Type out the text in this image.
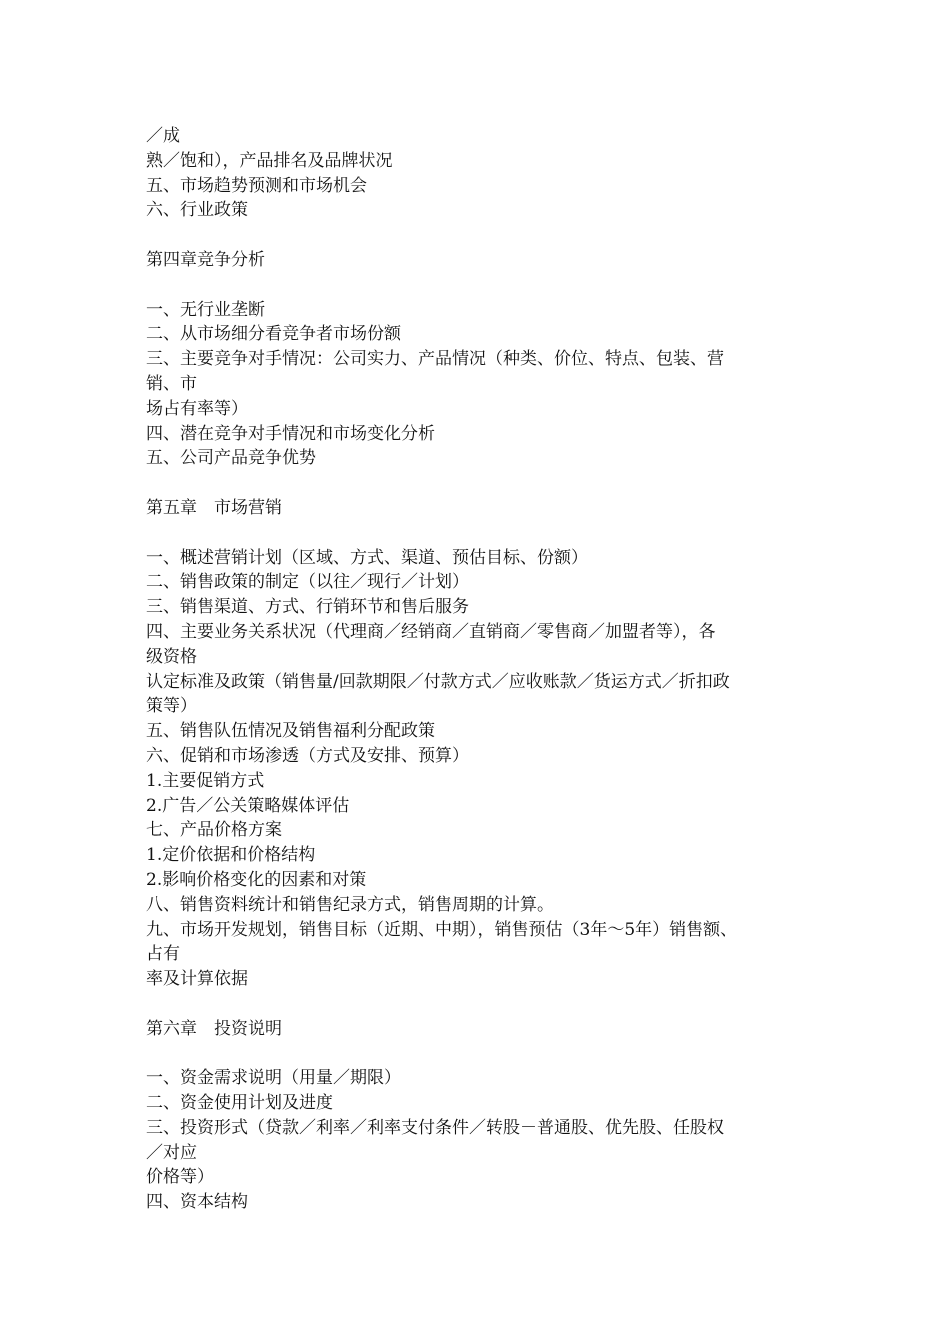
／成
熟／饱和），产品排名及品牌状况
五、市场趋势预测和市场机会
六、行业政策
第四章竞争分析
一、无行业垄断
二、从市场细分看竞争者市场份额
三、主要竞争对手情况：公司实力、产品情况（种类、价位、特点、包装、营
销、市
场占有率等）
四、潜在竞争对手情况和市场变化分析
五、公司产品竞争优势
第五章　市场营销
一、概述营销计划（区域、方式、渠道、预估目标、份额）
二、销售政策的制定（以往／现行／计划）
三、销售渠道、方式、行销环节和售后服务
四、主要业务关系状况（代理商／经销商／直销商／零售商／加盟者等），各
级资格
认定标准及政策（销售量/回款期限／付款方式／应收账款／货运方式／折扣政
策等）
五、销售队伍情况及销售福利分配政策
六、促销和市场渗透（方式及安排、预算）
1.主要促销方式
2.广告／公关策略媒体评估
七、产品价格方案
1.定价依据和价格结构
2.影响价格变化的因素和对策
八、销售资料统计和销售纪录方式，销售周期的计算。
九、市场开发规划，销售目标（近期、中期），销售预估（3年～5年）销售额、
占有
率及计算依据
第六章　投资说明
一、资金需求说明（用量／期限）
二、资金使用计划及进度
三、投资形式（贷款／利率／利率支付条件／转股－普通股、优先股、任股权
／对应
价格等）
四、资本结构
